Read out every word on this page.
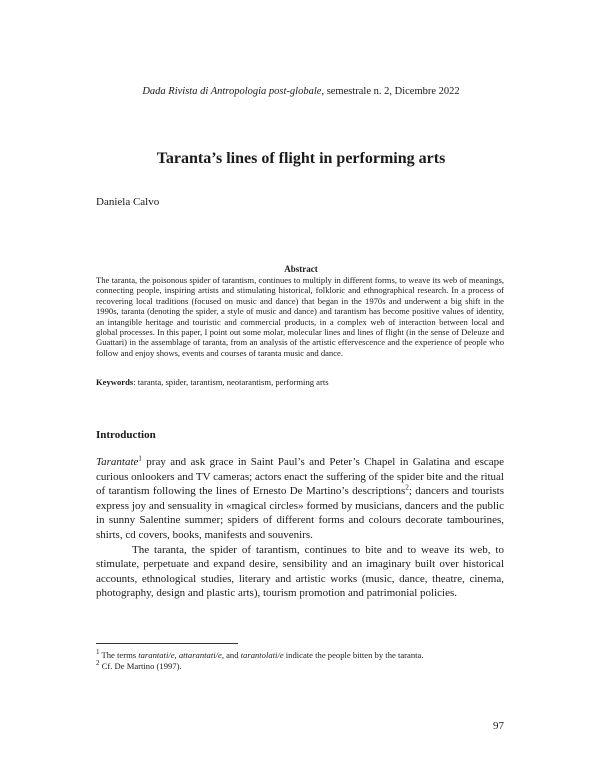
Dada Rivista di Antropologia post-globale, semestrale n. 2, Dicembre 2022
Taranta’s lines of flight in performing arts
Daniela Calvo
Abstract

The taranta, the poisonous spider of tarantism, continues to multiply in different forms, to weave its web of meanings, connecting people, inspiring artists and stimulating historical, folkloric and ethnographical research. In a process of recovering local traditions (focused on music and dance) that began in the 1970s and underwent a big shift in the 1990s, taranta (denoting the spider, a style of music and dance) and tarantism has become positive values of identity, an intangible heritage and touristic and commercial products, in a complex web of interaction between local and global processes. In this paper, I point out some molar, molecular lines and lines of flight (in the sense of Deleuze and Guattari) in the assemblage of taranta, from an analysis of the artistic effervescence and the experience of people who follow and enjoy shows, events and courses of taranta music and dance.

Keywords: taranta, spider, tarantism, neotarantism, performing arts
Introduction

Tarantate$^1$ pray and ask grace in Saint Paul’s and Peter’s Chapel in Galatina and escape curious onlookers and TV cameras; actors enact the suffering of the spider bite and the ritual of tarantism following the lines of Ernesto De Martino’s descriptions$^2$; dancers and tourists express joy and sensuality in «magical circles» formed by musicians, dancers and the public in sunny Salentine summer; spiders of different forms and colours decorate tambourines, shirts, cd covers, books, manifests and souvenirs.

The taranta, the spider of tarantism, continues to bite and to weave its web, to stimulate, perpetuate and expand desire, sensibility and an imaginary built over historical accounts, ethnological studies, literary and artistic works (music, dance, theatre, cinema, photography, design and plastic arts), tourism promotion and patrimonial policies.

$^1$ The terms tarantati/e, attarantati/e, and tarantolati/e indicate the people bitten by the taranta.
$^2$ Cf. De Martino (1997).
97
